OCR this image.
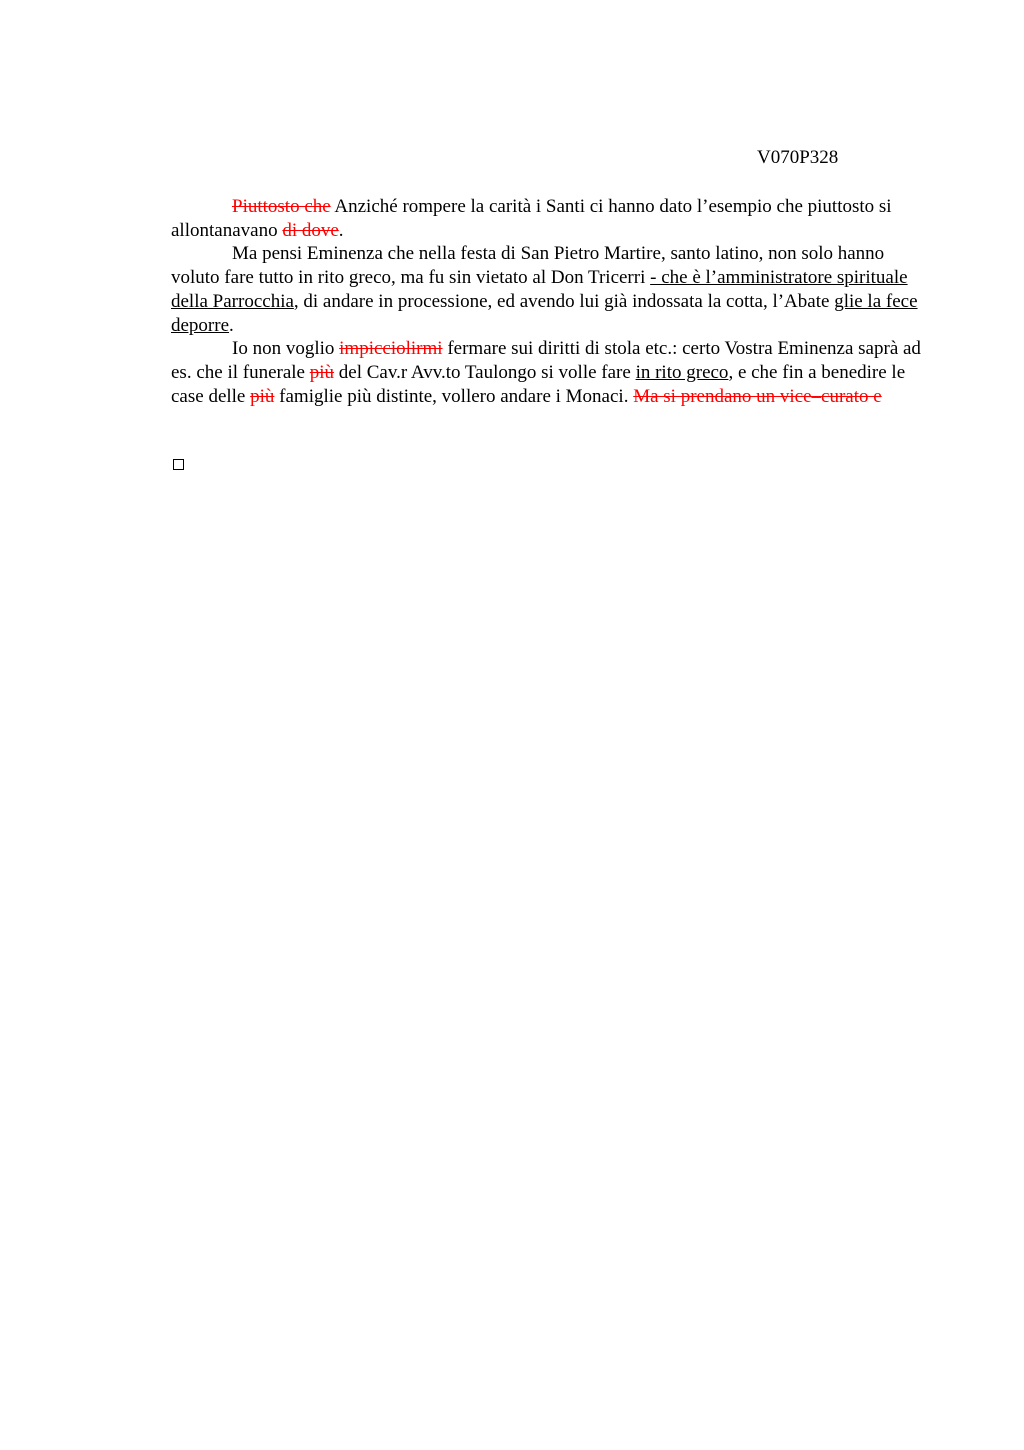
V070P328

Piuttosto che Anziché rompere la carità i Santi ci hanno dato l’esempio che piuttosto si allontanavano di dove.

Ma pensi Eminenza che nella festa di San Pietro Martire, santo latino, non solo hanno voluto fare tutto in rito greco, ma fu sin vietato al Don Tricerri - che è l’amministratore spirituale della Parrocchia, di andare in processione, ed avendo lui già indossata la cotta, l’Abate glie la fece deporre.

Io non voglio impicciolirmi fermare sui diritti di stola etc.: certo Vostra Eminenza saprà ad es. che il funerale più del Cav.r Avv.to Taulongo si volle fare in rito greco, e che fin a benedire le case delle più famiglie più distinte, vollero andare i Monaci. Ma si prendano un vice–curato e
